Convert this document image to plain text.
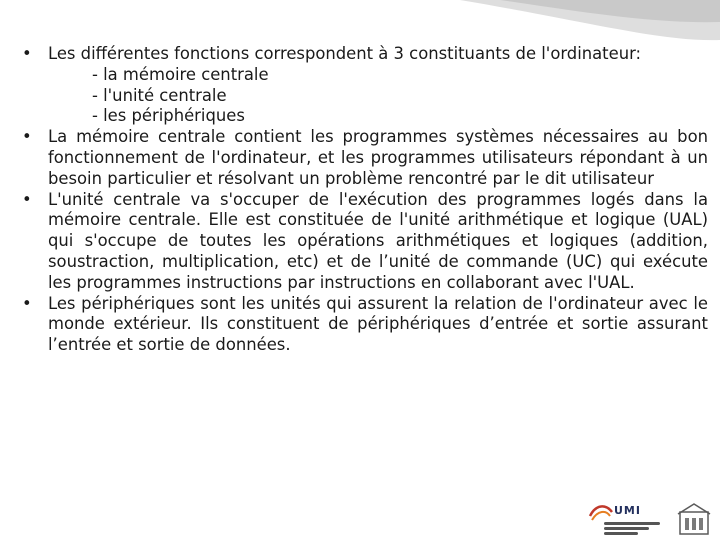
• Les différentes fonctions correspondent à 3 constituants de l'ordinateur:

- la mémoire centrale

- l'unité centrale

- les périphériques

• La mémoire centrale contient les programmes systèmes nécessaires au bon fonctionnement de l'ordinateur, et les programmes utilisateurs répondant à un besoin particulier et résolvant un problème rencontré par le dit utilisateur
• L'unité centrale va s'occuper de l'exécution des programmes logés dans la mémoire centrale. Elle est constituée de l'unité arithmétique et logique (UAL) qui s'occupe de toutes les opérations arithmétiques et logiques (addition, soustraction, multiplication, etc) et de l’unité de commande (UC) qui exécute les programmes instructions par instructions en collaborant avec l'UAL.
• Les périphériques sont les unités qui assurent la relation de l'ordinateur avec le monde extérieur. Ils constituent de périphériques d’entrée et sortie assurant l’entrée et sortie de données.
UMI
